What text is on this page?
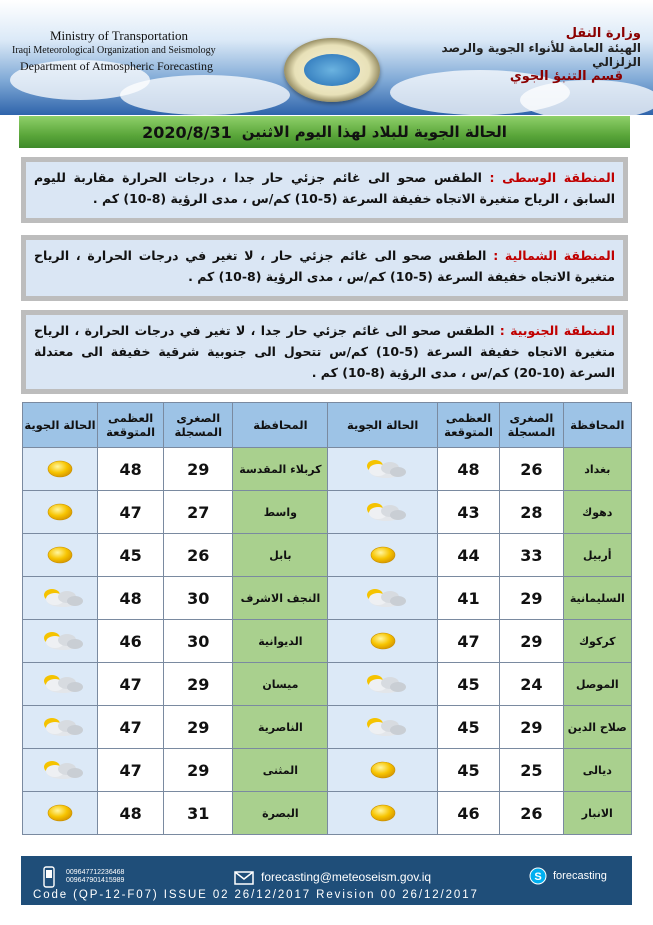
Ministry of Transportation
Iraqi Meteorological Organization and Seismology
Department of Atmospheric Forecasting
وزارة النقل
الهيئة العامة للأنواء الجوية والرصد الزلزالي
قسم التنبؤ الجوي
الحالة الجوية للبلاد لهذا اليوم الاثنين
2020/8/31
المنطقة الوسطى : الطقس صحو الى غائم جزئي حار جدا ، درجات الحرارة مقاربة لليوم السابق ، الرياح متغيرة الاتجاه خفيفة السرعة (5-10) كم/س ، مدى الرؤية (8-10) كم .
المنطقة الشمالية : الطقس صحو الى غائم جزئي حار ، لا تغير في درجات الحرارة ، الرياح متغيرة الاتجاه خفيفة السرعة (5-10) كم/س ، مدى الرؤية (8-10) كم .
المنطقة الجنوبية : الطقس صحو الى غائم جزئي حار جدا ، لا تغير في درجات الحرارة ، الرياح متغيرة الاتجاه خفيفة السرعة (5-10) كم/س تتحول الى جنوبية شرقية خفيفة الى معتدلة السرعة (10-20) كم/س ، مدى الرؤية (8-10) كم .
المحافظة	الصغرى المسجلة	العظمى المتوقعة	الحالة الجوية	المحافظة	الصغرى المسجلة	العظمى المتوقعة	الحالة الجوية
بغداد	26	48		كربلاء المقدسة	29	48	

دهوك	28	43		واسط	27	47	

أربيل	33	44		بابل	26	45	

السليمانية	29	41		النجف الاشرف	30	48	

كركوك	29	47		الديوانية	30	46	

الموصل	24	45		ميسان	29	47	

صلاح الدين	29	45		الناصرية	29	47	

ديالى	25	45		المثنى	29	47	

الانبار	26	46		البصرة	31	48	
009647712236468
009647901415989	forecasting@meteoseism.gov.iq	S forecasting
Code (QP-12-F07) ISSUE 02 26/12/2017 Revision 00 26/12/2017
